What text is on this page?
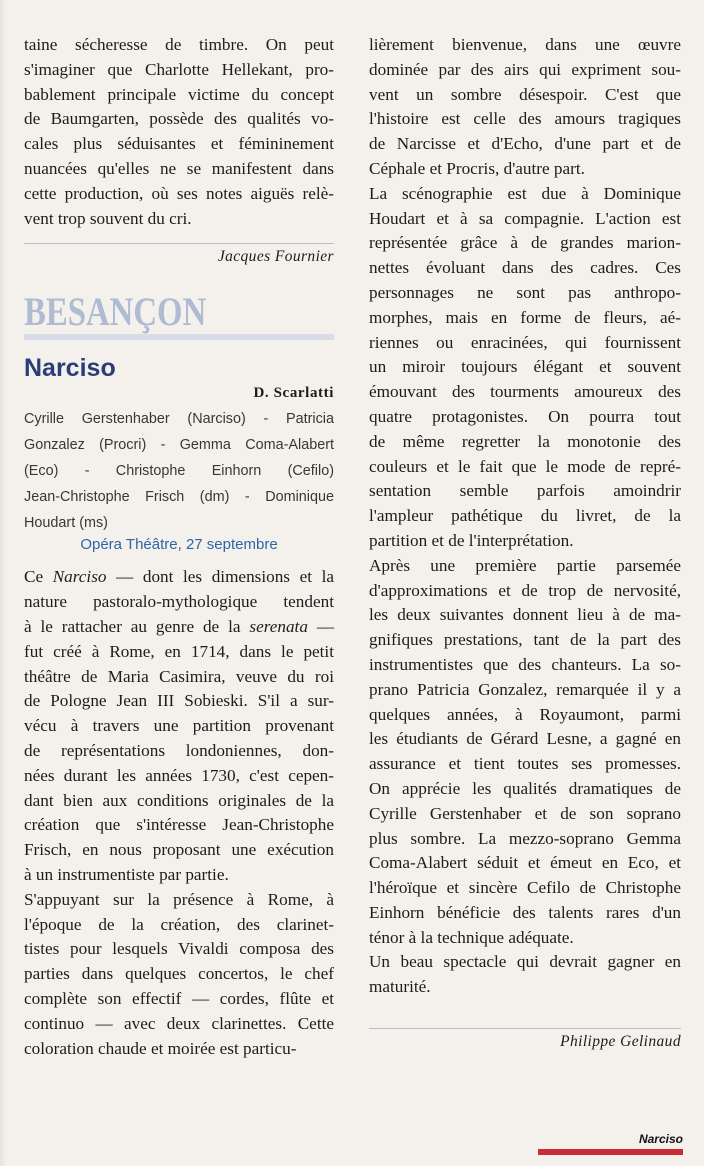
taine sécheresse de timbre. On peut
s'imaginer que Charlotte Hellekant, pro-
bablement principale victime du concept
de Baumgarten, possède des qualités vo-
cales plus séduisantes et fémininement
nuancées qu'elles ne se manifestent dans
cette production, où ses notes aiguës relè-
vent trop souvent du cri.
Jacques Fournier
BESANÇON
Narciso
D. Scarlatti
Cyrille Gerstenhaber (Narciso) - Patricia
Gonzalez (Procri) - Gemma Coma-Alabert
(Eco) - Christophe Einhorn (Cefilo)
Jean-Christophe Frisch (dm) - Dominique
Houdart (ms)
Opéra Théâtre, 27 septembre
Ce Narciso — dont les dimensions et la
nature pastoralo-mythologique tendent
à le rattacher au genre de la serenata —
fut créé à Rome, en 1714, dans le petit
théâtre de Maria Casimira, veuve du roi
de Pologne Jean III Sobieski. S'il a sur-
vécu à travers une partition provenant
de représentations londoniennes, don-
nées durant les années 1730, c'est cepen-
dant bien aux conditions originales de la
création que s'intéresse Jean-Christophe
Frisch, en nous proposant une exécution
à un instrumentiste par partie.
S'appuyant sur la présence à Rome, à
l'époque de la création, des clarinet-
tistes pour lesquels Vivaldi composa des
parties dans quelques concertos, le chef
complète son effectif — cordes, flûte et
continuo — avec deux clarinettes. Cette
coloration chaude et moirée est particu-
lièrement bienvenue, dans une œuvre
dominée par des airs qui expriment sou-
vent un sombre désespoir. C'est que
l'histoire est celle des amours tragiques
de Narcisse et d'Echo, d'une part et de
Céphale et Procris, d'autre part.
La scénographie est due à Dominique
Houdart et à sa compagnie. L'action est
représentée grâce à de grandes marion-
nettes évoluant dans des cadres. Ces
personnages ne sont pas anthropo-
morphes, mais en forme de fleurs, aé-
riennes ou enracinées, qui fournissent
un miroir toujours élégant et souvent
émouvant des tourments amoureux des
quatre protagonistes. On pourra tout
de même regretter la monotonie des
couleurs et le fait que le mode de repré-
sentation semble parfois amoindrir
l'ampleur pathétique du livret, de la
partition et de l'interprétation.
Après une première partie parsemée
d'approximations et de trop de nervosité,
les deux suivantes donnent lieu à de ma-
gnifiques prestations, tant de la part des
instrumentistes que des chanteurs. La so-
prano Patricia Gonzalez, remarquée il y a
quelques années, à Royaumont, parmi
les étudiants de Gérard Lesne, a gagné en
assurance et tient toutes ses promesses.
On apprécie les qualités dramatiques de
Cyrille Gerstenhaber et de son soprano
plus sombre. La mezzo-soprano Gemma
Coma-Alabert séduit et émeut en Eco, et
l'héroïque et sincère Cefilo de Christophe
Einhorn bénéficie des talents rares d'un
ténor à la technique adéquate.
Un beau spectacle qui devrait gagner en
maturité.
Philippe Gelinaud
Narciso
